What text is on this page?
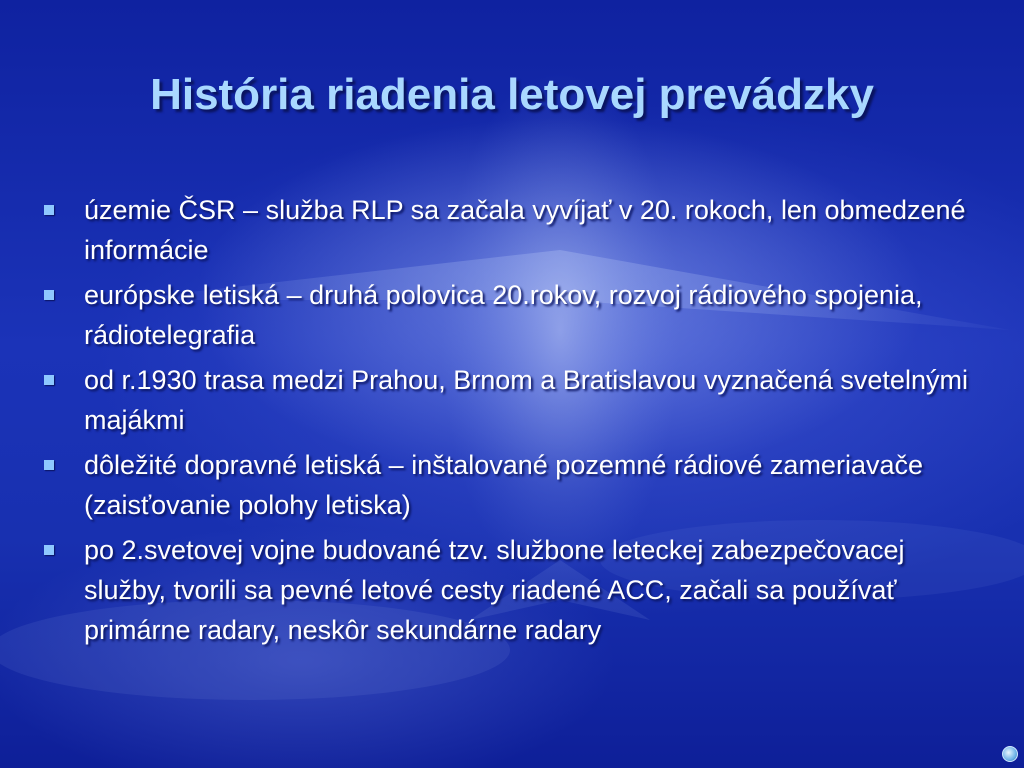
História riadenia letovej prevádzky
územie ČSR – služba RLP sa začala vyvíjať v 20. rokoch, len obmedzené informácie
európske letiská – druhá polovica 20.rokov, rozvoj rádiového spojenia, rádiotelegrafia
od r.1930 trasa medzi Prahou, Brnom a Bratislavou vyznačená svetelnými majákmi
dôležité dopravné letiská – inštalované pozemné rádiové zameriavače (zaisťovanie polohy letiska)
po 2.svetovej vojne budované tzv. službone leteckej zabezpečovacej služby, tvorili sa pevné letové cesty riadené ACC, začali sa používať primárne radary, neskôr sekundárne radary
